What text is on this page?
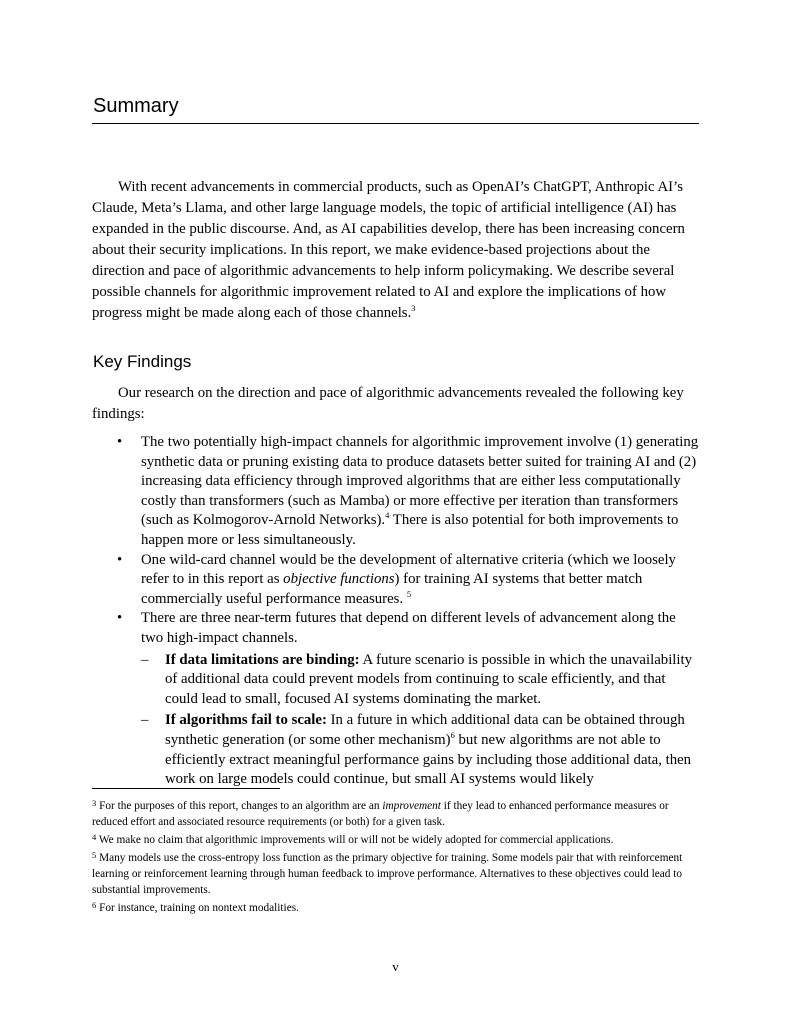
Summary

With recent advancements in commercial products, such as OpenAI’s ChatGPT, Anthropic AI’s Claude, Meta’s Llama, and other large language models, the topic of artificial intelligence (AI) has expanded in the public discourse. And, as AI capabilities develop, there has been increasing concern about their security implications. In this report, we make evidence-based projections about the direction and pace of algorithmic advancements to help inform policymaking. We describe several possible channels for algorithmic improvement related to AI and explore the implications of how progress might be made along each of those channels.$^3$

Key Findings

Our research on the direction and pace of algorithmic advancements revealed the following key findings:

•	The two potentially high-impact channels for algorithmic improvement involve (1) generating synthetic data or pruning existing data to produce datasets better suited for training AI and (2) increasing data efficiency through improved algorithms that are either less computationally costly than transformers (such as Mamba) or more effective per iteration than transformers (such as Kolmogorov-Arnold Networks).$^4$ There is also potential for both improvements to happen more or less simultaneously.
•	One wild-card channel would be the development of alternative criteria (which we loosely refer to in this report as objective functions) for training AI systems that better match commercially useful performance measures. $^5$
•	There are three near-term futures that depend on different levels of advancement along the two high-impact channels.
–	If data limitations are binding: A future scenario is possible in which the unavailability of additional data could prevent models from continuing to scale efficiently, and that could lead to small, focused AI systems dominating the market.
–	If algorithms fail to scale: In a future in which additional data can be obtained through synthetic generation (or some other mechanism)$^6$ but new algorithms are not able to efficiently extract meaningful performance gains by including those additional data, then work on large models could continue, but small AI systems would likely
$^3$ For the purposes of this report, changes to an algorithm are an improvement if they lead to enhanced performance measures or reduced effort and associated resource requirements (or both) for a given task.
$^4$ We make no claim that algorithmic improvements will or will not be widely adopted for commercial applications.
$^5$ Many models use the cross-entropy loss function as the primary objective for training. Some models pair that with reinforcement learning or reinforcement learning through human feedback to improve performance. Alternatives to these objectives could lead to substantial improvements.
$^6$ For instance, training on nontext modalities.
v
